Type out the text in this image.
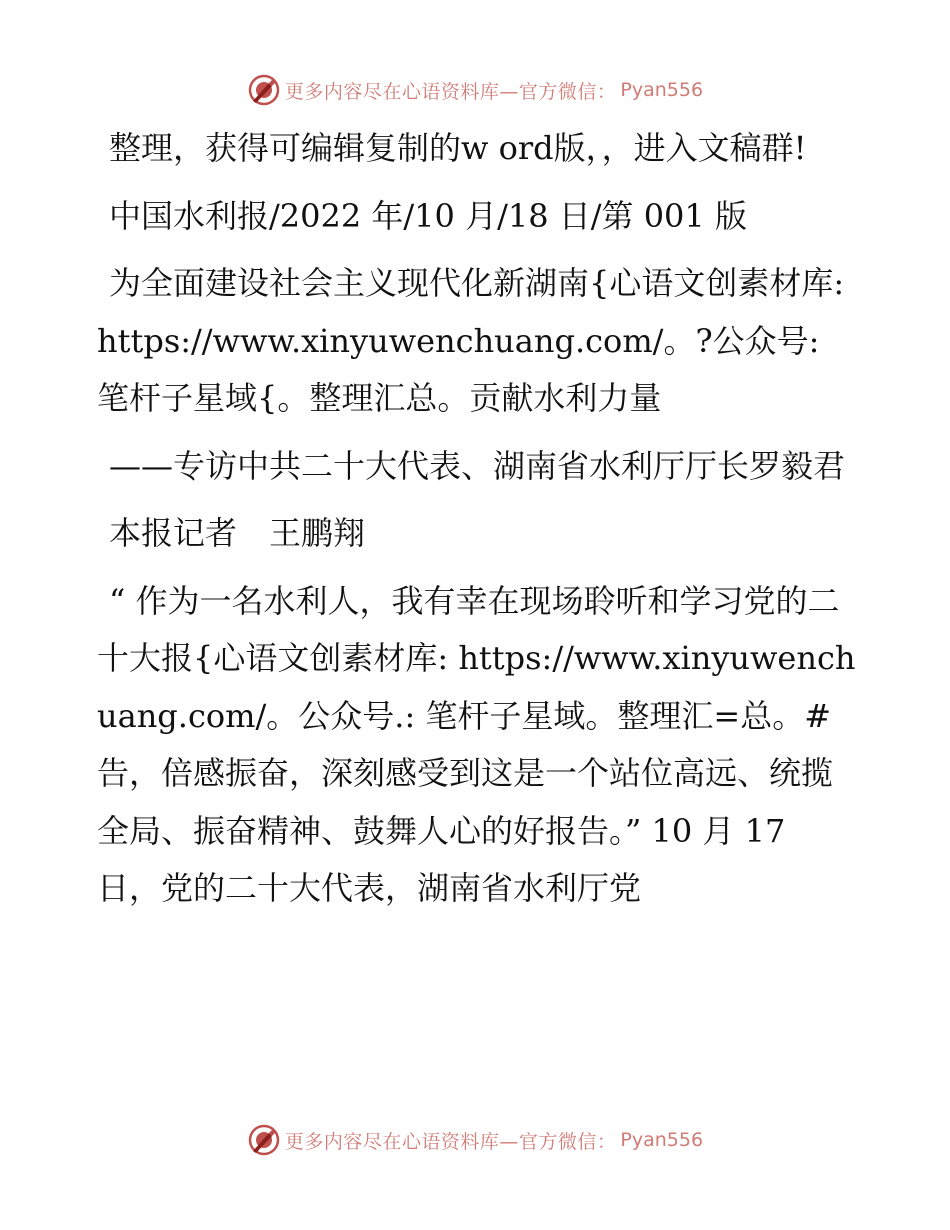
更多内容尽在心语资料库—官方微信： Pyan556

整理，获得可编辑复制的w ord版，，进入文稿群!

中国水利报/2022 年/10 月/18 日/第 001 版

为全面建设社会主义现代化新湖南{心语文创素材库: https://www.xinyuwenchuang.com/。?公众号: 笔杆子星域{。整理汇总。贡献水利力量

——专访中共二十大代表、湖南省水利厅厅长罗毅君

本报记者　王鹏翔

“ 作为一名水利人，我有幸在现场聆听和学习党的二十大报{心语文创素材库: https://www.xinyuwenchuang.com/。公众号.: 笔杆子星域。整理汇=总。#告，倍感振奋，深刻感受到这是一个站位高远、统揽全局、振奋精神、鼓舞人心的好报告。” 10 月 17 日，党的二十大代表，湖南省水利厅党

更多内容尽在心语资料库—官方微信： Pyan556
